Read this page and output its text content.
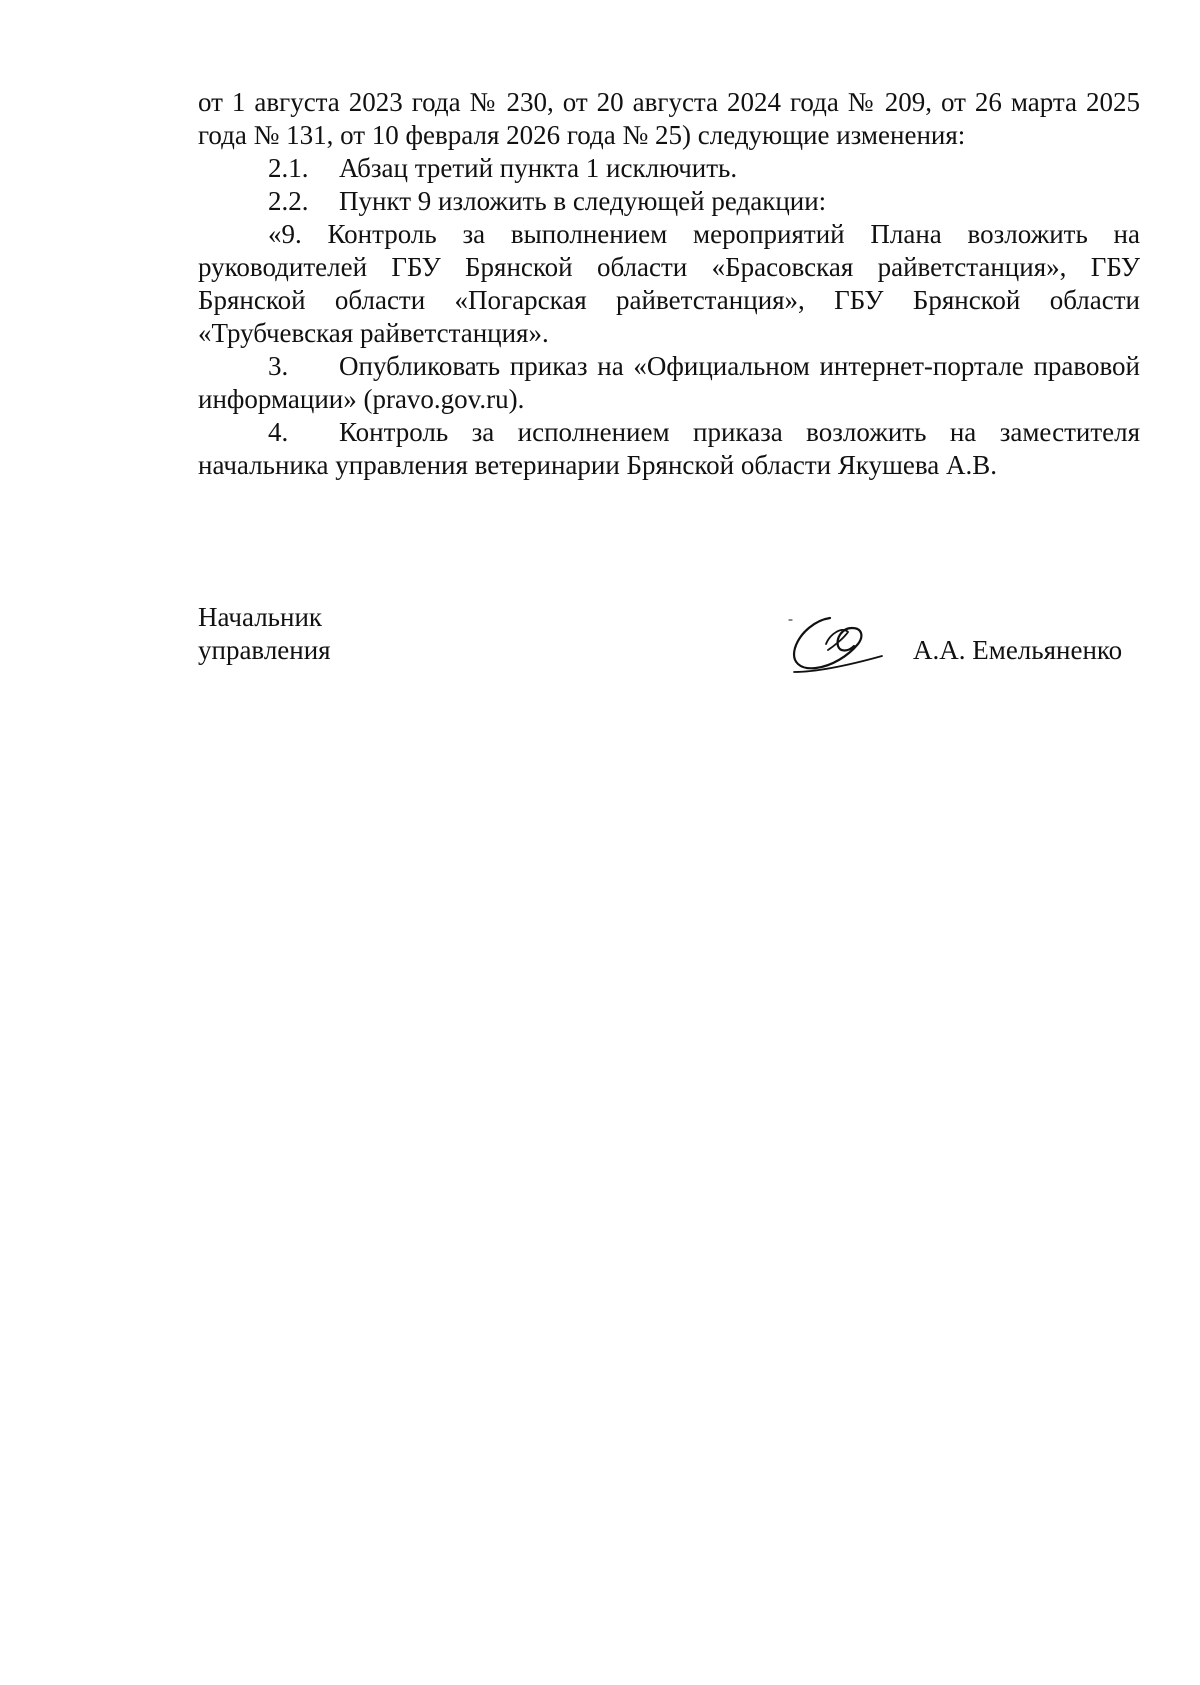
от 1 августа 2023 года № 230, от 20 августа 2024 года № 209, от 26 марта 2025 года № 131, от 10 февраля 2026 года № 25) следующие изменения:

2.1.	Абзац третий пункта 1 исключить.

2.2.	Пункт 9 изложить в следующей редакции:

«9. Контроль за выполнением мероприятий Плана возложить на руководителей ГБУ Брянской области «Брасовская райветстанция», ГБУ Брянской области «Погарская райветстанция», ГБУ Брянской области «Трубчевская райветстанция».

3. Опубликовать приказ на «Официальном интернет-портале правовой информации» (pravo.gov.ru).

4. Контроль за исполнением приказа возложить на заместителя начальника управления ветеринарии Брянской области Якушева А.В.

Начальник

управления	А.А. Емельяненко
